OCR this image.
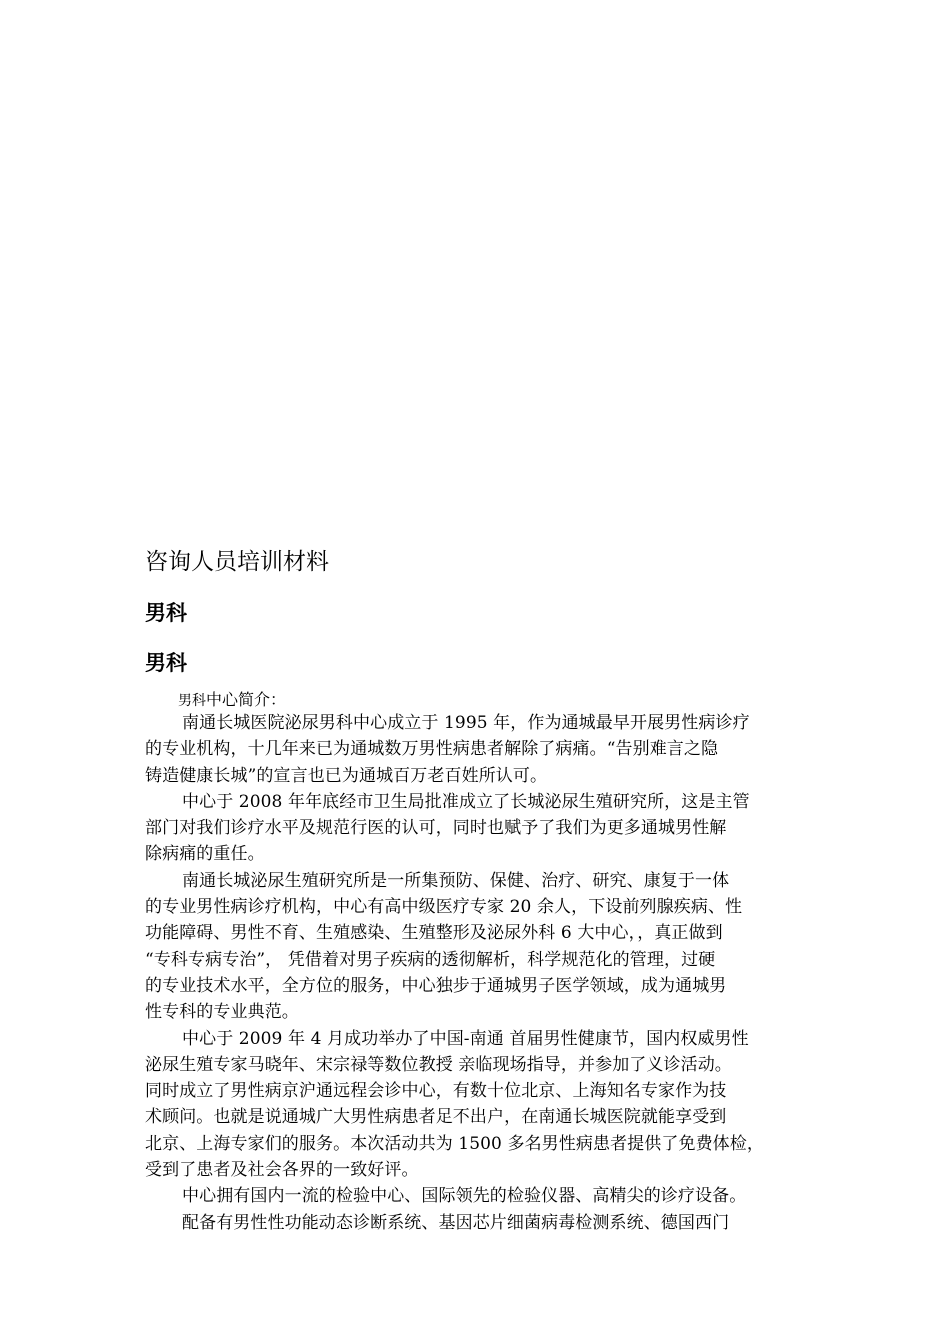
咨询人员培训材料
男科
男科
男科中心简介：
南通长城医院泌尿男科中心成立于 1995 年，作为通城最早开展男性病诊疗
的专业机构，十几年来已为通城数万男性病患者解除了病痛。“告别难言之隐
铸造健康长城”的宣言也已为通城百万老百姓所认可。
中心于 2008 年年底经市卫生局批准成立了长城泌尿生殖研究所，这是主管
部门对我们诊疗水平及规范行医的认可，同时也赋予了我们为更多通城男性解
除病痛的重任。
南通长城泌尿生殖研究所是一所集预防、保健、治疗、研究、康复于一体
的专业男性病诊疗机构，中心有高中级医疗专家 20 余人，下设前列腺疾病、性
功能障碍、男性不育、生殖感染、生殖整形及泌尿外科 6 大中心，，真正做到
“专科专病专治”， 凭借着对男子疾病的透彻解析，科学规范化的管理，过硬
的专业技术水平，全方位的服务，中心独步于通城男子医学领域，成为通城男
性专科的专业典范。
中心于 2009 年 4 月成功举办了中国-南通 首届男性健康节，国内权威男性
泌尿生殖专家马晓年、宋宗禄等数位教授 亲临现场指导，并参加了义诊活动。
同时成立了男性病京沪通远程会诊中心，有数十位北京、上海知名专家作为技
术顾问。也就是说通城广大男性病患者足不出户，在南通长城医院就能享受到
北京、上海专家们的服务。本次活动共为 1500 多名男性病患者提供了免费体检，
受到了患者及社会各界的一致好评。
中心拥有国内一流的检验中心、国际领先的检验仪器、高精尖的诊疗设备。
配备有男性性功能动态诊断系统、基因芯片细菌病毒检测系统、德国西门
